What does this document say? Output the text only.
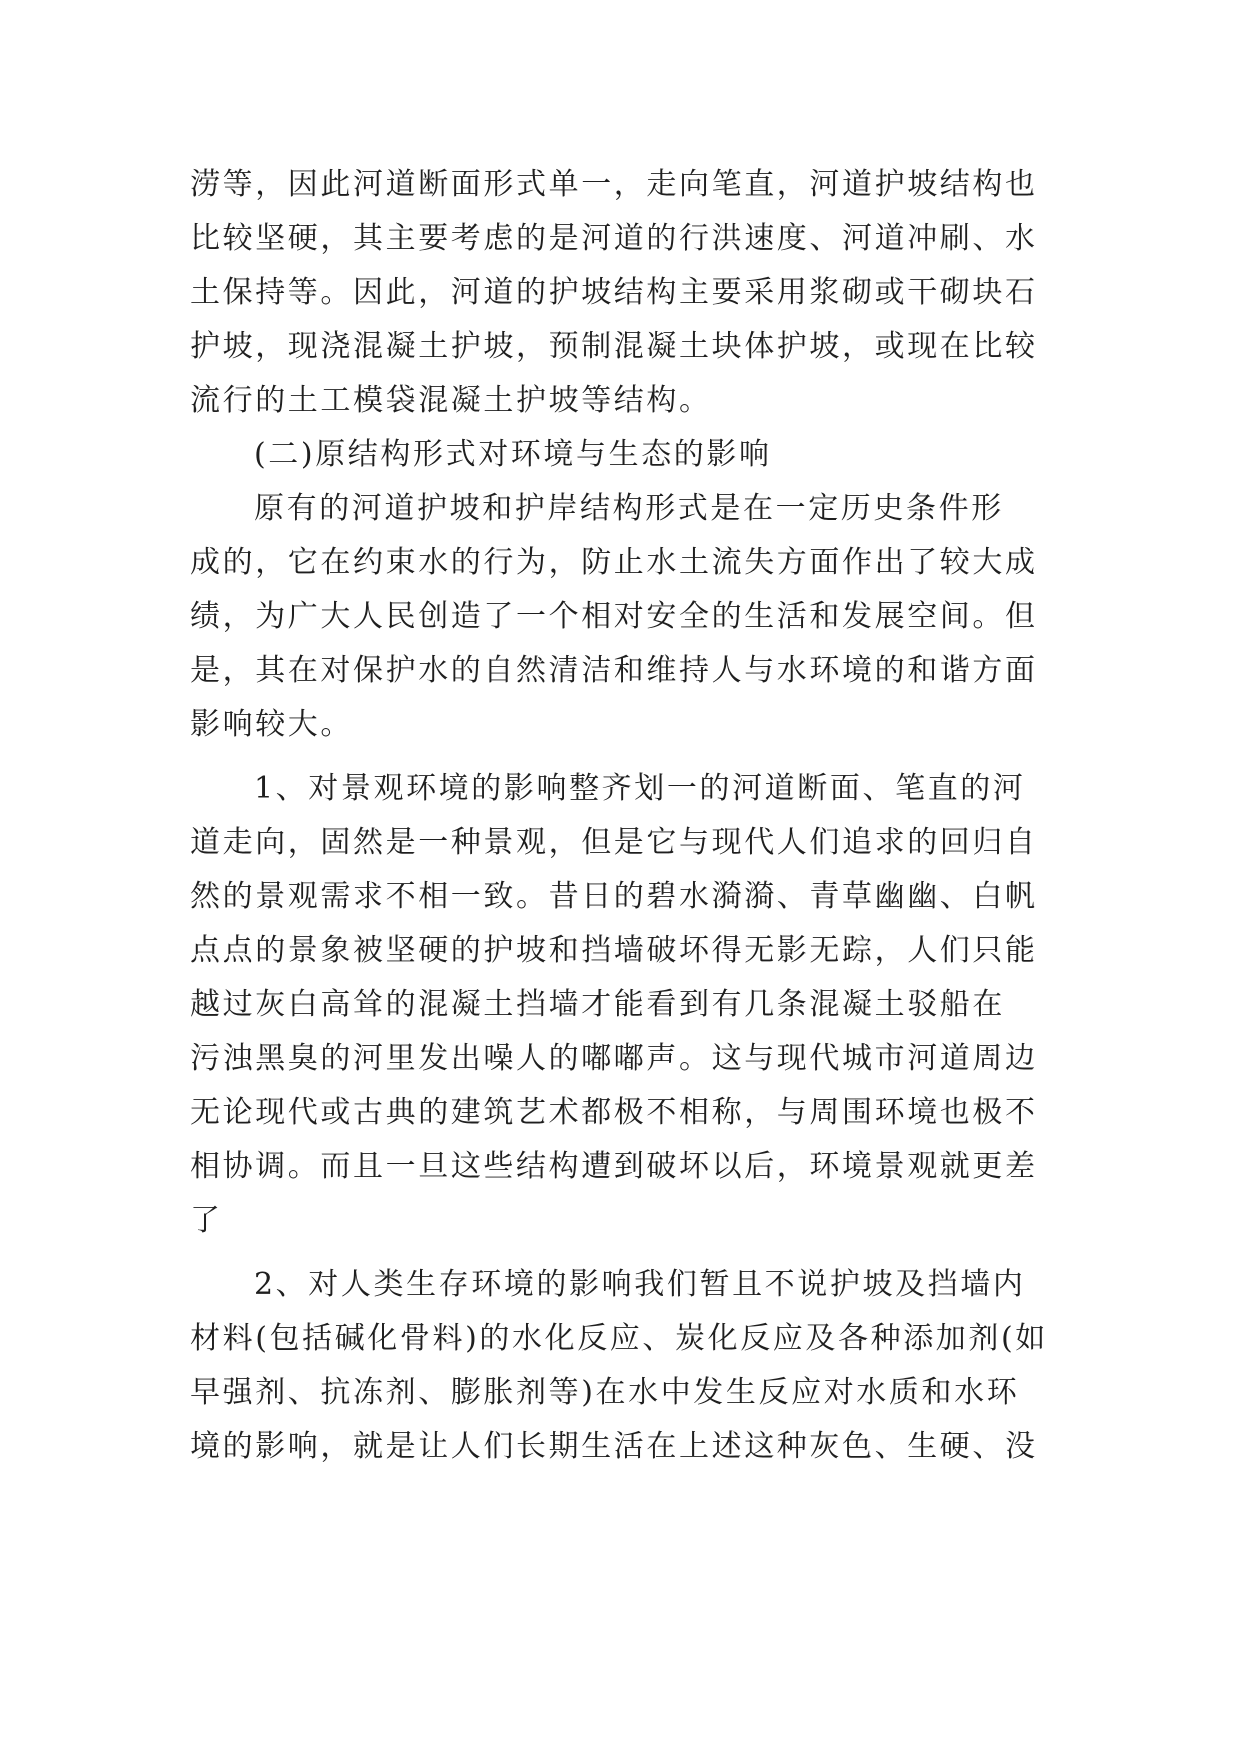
涝等，因此河道断面形式单一，走向笔直，河道护坡结构也
比较坚硬，其主要考虑的是河道的行洪速度、河道冲刷、水
土保持等。因此，河道的护坡结构主要采用浆砌或干砌块石
护坡，现浇混凝土护坡，预制混凝土块体护坡，或现在比较
流行的土工模袋混凝土护坡等结构。
(二)原结构形式对环境与生态的影响
原有的河道护坡和护岸结构形式是在一定历史条件形
成的，它在约束水的行为，防止水土流失方面作出了较大成
绩，为广大人民创造了一个相对安全的生活和发展空间。但
是，其在对保护水的自然清洁和维持人与水环境的和谐方面
影响较大。
1、对景观环境的影响整齐划一的河道断面、笔直的河
道走向，固然是一种景观，但是它与现代人们追求的回归自
然的景观需求不相一致。昔日的碧水漪漪、青草幽幽、白帆
点点的景象被坚硬的护坡和挡墙破坏得无影无踪，人们只能
越过灰白高耸的混凝土挡墙才能看到有几条混凝土驳船在
污浊黑臭的河里发出噪人的嘟嘟声。这与现代城市河道周边
无论现代或古典的建筑艺术都极不相称，与周围环境也极不
相协调。而且一旦这些结构遭到破坏以后，环境景观就更差
了
2、对人类生存环境的影响我们暂且不说护坡及挡墙内
材料(包括碱化骨料)的水化反应、炭化反应及各种添加剂(如
早强剂、抗冻剂、膨胀剂等)在水中发生反应对水质和水环
境的影响，就是让人们长期生活在上述这种灰色、生硬、没
